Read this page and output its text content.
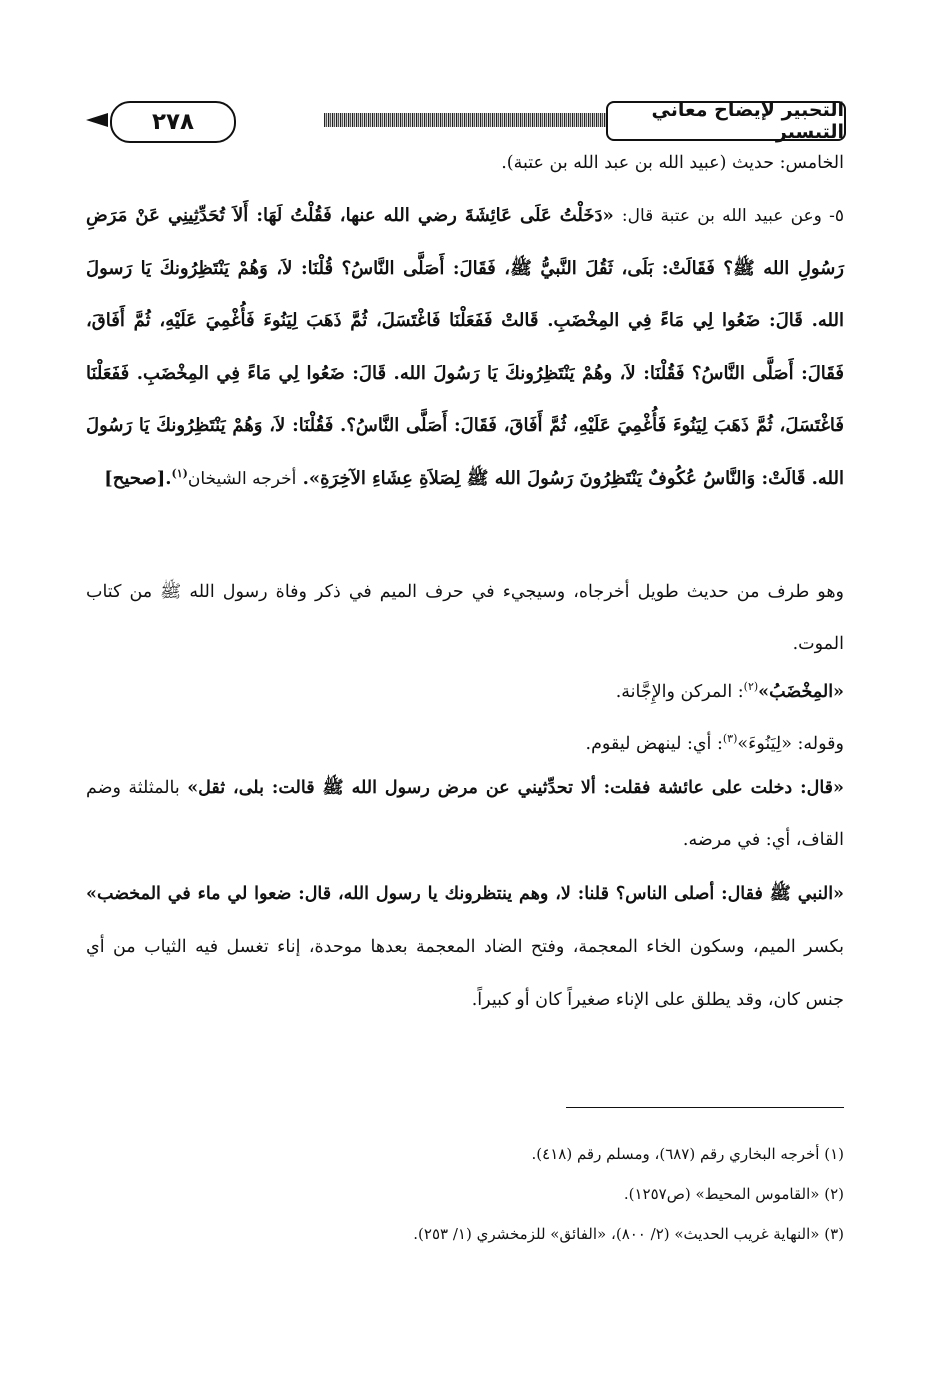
٢٧٨	التحبير لإيضاح معاني التيسير
الخامس: حديث (عبيد الله بن عبد الله بن عتبة).
٥- وعن عبيد الله بن عتبة قال: «دَخَلْتُ عَلَى عَائِشَةَ رضي الله عنها، فَقُلْتُ لَهَا: أَلاَ تُحَدِّثِينِي عَنْ مَرَضِ رَسُولِ الله ﷺ؟ فَقَالَتْ: بَلَى، ثَقُلَ النَّبيُّ ﷺ، فَقَالَ: أَصَلَّى النَّاسُ؟ قُلْنَا: لاَ، وَهُمْ يَنْتَظِرُونكَ يَا رَسولَ الله. قَالَ: ضَعُوا لِي مَاءً فِي المِخْضَبِ. قَالتْ فَفَعَلْنَا فَاغْتَسَلَ، ثُمَّ ذَهَبَ لِيَنُوءَ فَأُغْمِيَ عَلَيْهِ، ثُمَّ أَفَاقَ، فَقَالَ: أَصَلَّى النَّاسُ؟ فَقُلْنَا: لاَ، وهُمْ يَنْتَظِرُونكَ يَا رَسُولَ الله. قَالَ: ضَعُوا لِي مَاءً فِي المِخْضَبِ. فَفَعَلْنَا فَاغْتَسَلَ، ثُمَّ ذَهَبَ لِيَنُوءَ فَأُغْمِيَ عَلَيْهِ، ثُمَّ أَفَاقَ، فَقَالَ: أَصَلَّى النَّاسُ؟. فَقُلْنَا: لاَ، وَهُمْ يَنْتَظِرُونكَ يَا رَسُولَ الله. قَالَتْ: وَالنَّاسُ عُكُوفٌ يَنْتَظِرُونَ رَسُولَ الله ﷺ لِصَلاَةِ عِشَاءِ الآخِرَةِ». أخرجه الشيخان$^{(١)}$.[صحيح]
وهو طرف من حديث طويل أخرجاه، وسيجيء في حرف الميم في ذكر وفاة رسول الله ﷺ من كتاب الموت.
«المِخْضَبُ»$^{(٢)}$: المركن والإِجَّانة.
وقوله: «لِيَنُوءَ»$^{(٣)}$: أي: لينهض ليقوم.
«قال: دخلت على عائشة فقلت: ألا تحدِّثيني عن مرض رسول الله ﷺ قالت: بلى، ثقل» بالمثلثة وضم القاف، أي: في مرضه.
«النبي ﷺ فقال: أصلى الناس؟ قلنا: لا، وهم ينتظرونك يا رسول الله، قال: ضعوا لي ماء في المخضب» بكسر الميم، وسكون الخاء المعجمة، وفتح الضاد المعجمة بعدها موحدة، إناء تغسل فيه الثياب من أي جنس كان، وقد يطلق على الإناء صغيراً كان أو كبيراً.

(١) أخرجه البخاري رقم (٦٨٧)، ومسلم رقم (٤١٨).

(٢) «القاموس المحيط» (ص١٢٥٧).

(٣) «النهاية غريب الحديث» (٢/ ٨٠٠)، «الفائق» للزمخشري (١/ ٢٥٣).
